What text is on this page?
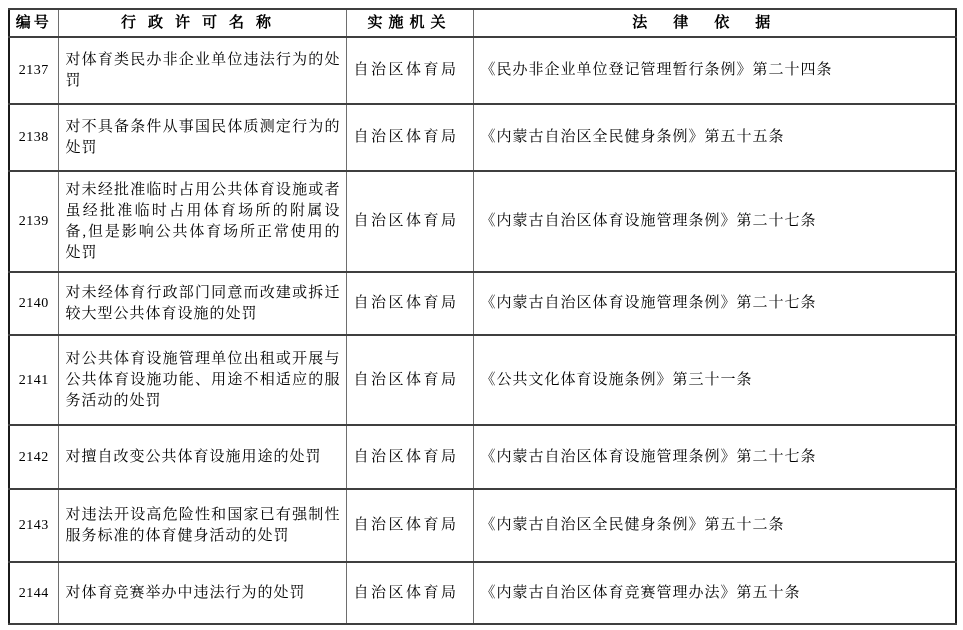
编号	行政许可名称	实施机关	法律依据
2137	对体育类民办非企业单位违法行为的处罚	自治区体育局	《民办非企业单位登记管理暂行条例》第二十四条
2138	对不具备条件从事国民体质测定行为的处罚	自治区体育局	《内蒙古自治区全民健身条例》第五十五条
2139	对未经批准临时占用公共体育设施或者虽经批准临时占用体育场所的附属设备,但是影响公共体育场所正常使用的处罚	自治区体育局	《内蒙古自治区体育设施管理条例》第二十七条
2140	对未经体育行政部门同意而改建或拆迁较大型公共体育设施的处罚	自治区体育局	《内蒙古自治区体育设施管理条例》第二十七条
2141	对公共体育设施管理单位出租或开展与公共体育设施功能、用途不相适应的服务活动的处罚	自治区体育局	《公共文化体育设施条例》第三十一条
2142	对擅自改变公共体育设施用途的处罚	自治区体育局	《内蒙古自治区体育设施管理条例》第二十七条
2143	对违法开设高危险性和国家已有强制性服务标准的体育健身活动的处罚	自治区体育局	《内蒙古自治区全民健身条例》第五十二条
2144	对体育竞赛举办中违法行为的处罚	自治区体育局	《内蒙古自治区体育竞赛管理办法》第五十条
